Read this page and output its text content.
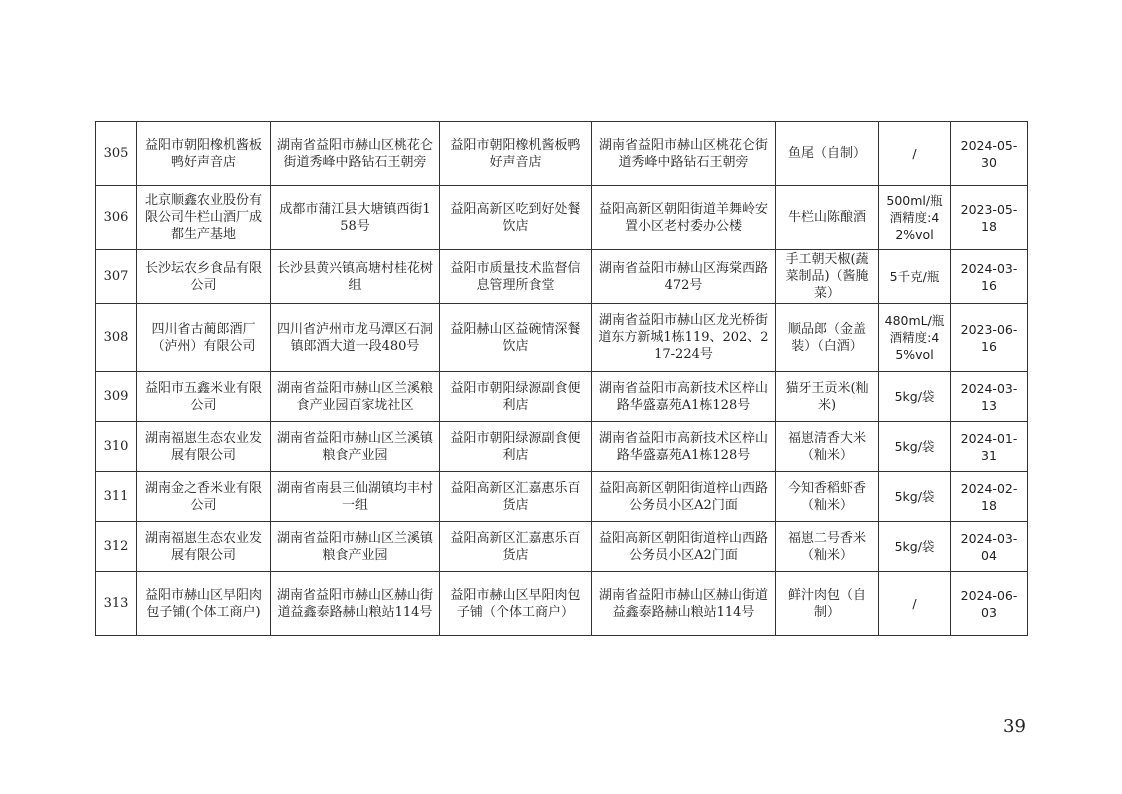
305	益阳市朝阳橡机酱板鸭好声音店	湖南省益阳市赫山区桃花仑街道秀峰中路钻石王朝旁	益阳市朝阳橡机酱板鸭好声音店	湖南省益阳市赫山区桃花仑街道秀峰中路钻石王朝旁	鱼尾（自制）	/	2024-05-30
306	北京顺鑫农业股份有限公司牛栏山酒厂成都生产基地	成都市蒲江县大塘镇西街158号	益阳高新区吃到好处餐饮店	益阳高新区朝阳街道羊舞岭安置小区老村委办公楼	牛栏山陈酿酒	500ml/瓶 酒精度:42%vol	2023-05-18
307	长沙坛农乡食品有限公司	长沙县黄兴镇高塘村桂花树组	益阳市质量技术监督信息管理所食堂	湖南省益阳市赫山区海棠西路472号	手工朝天椒(蔬菜制品)（酱腌菜）	5千克/瓶	2024-03-16
308	四川省古蔺郎酒厂（泸州）有限公司	四川省泸州市龙马潭区石洞镇郎酒大道一段480号	益阳赫山区益碗情深餐饮店	湖南省益阳市赫山区龙光桥街道东方新城1栋119、202、217-224号	顺品郎（金盖装）（白酒）	480mL/瓶 酒精度:45%vol	2023-06-16
309	益阳市五鑫米业有限公司	湖南省益阳市赫山区兰溪粮食产业园百家垅社区	益阳市朝阳绿源副食便利店	湖南省益阳市高新技术区梓山路华盛嘉苑A1栋128号	猫牙王贡米(籼米)	5kg/袋	2024-03-13
310	湖南福崽生态农业发展有限公司	湖南省益阳市赫山区兰溪镇粮食产业园	益阳市朝阳绿源副食便利店	湖南省益阳市高新技术区梓山路华盛嘉苑A1栋128号	福崽清香大米（籼米）	5kg/袋	2024-01-31
311	湖南金之香米业有限公司	湖南省南县三仙湖镇均丰村一组	益阳高新区汇嘉惠乐百货店	益阳高新区朝阳街道梓山西路公务员小区A2门面	今知香稻虾香（籼米）	5kg/袋	2024-02-18
312	湖南福崽生态农业发展有限公司	湖南省益阳市赫山区兰溪镇粮食产业园	益阳高新区汇嘉惠乐百货店	益阳高新区朝阳街道梓山西路公务员小区A2门面	福崽二号香米（籼米）	5kg/袋	2024-03-04
313	益阳市赫山区早阳肉包子铺(个体工商户)	湖南省益阳市赫山区赫山街道益鑫泰路赫山粮站114号	益阳市赫山区早阳肉包子铺（个体工商户）	湖南省益阳市赫山区赫山街道益鑫泰路赫山粮站114号	鲜汁肉包（自制）	/	2024-06-03
39
